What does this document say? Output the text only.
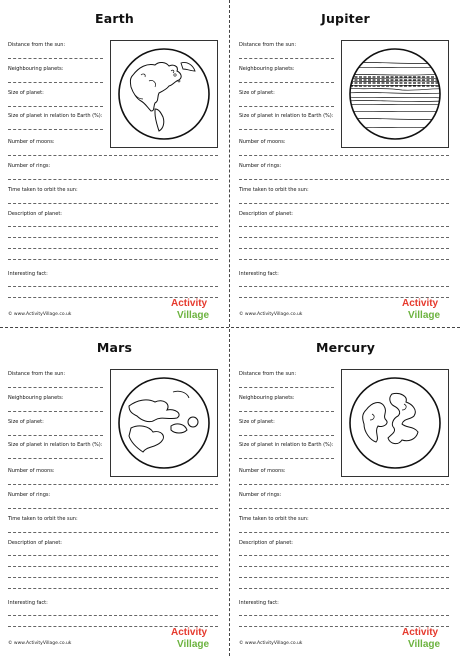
Earth
Distance from the sun:
Neighbouring planets:
Size of planet:
Size of planet in relation to Earth (%):
Number of moons:
Number of rings:
Time taken to orbit the sun:
Description of planet:
Interesting fact:
© www.ActivityVillage.co.uk
Activity
Village
Jupiter
Distance from the sun:
Neighbouring planets:
Size of planet:
Size of planet in relation to Earth (%):
Number of moons:
Number of rings:
Time taken to orbit the sun:
Description of planet:
Interesting fact:
© www.ActivityVillage.co.uk
Activity
Village
Mars
Distance from the sun:
Neighbouring planets:
Size of planet:
Size of planet in relation to Earth (%):
Number of moons:
Number of rings:
Time taken to orbit the sun:
Description of planet:
Interesting fact:
© www.ActivityVillage.co.uk
Activity
Village
Mercury
Distance from the sun:
Neighbouring planets:
Size of planet:
Size of planet in relation to Earth (%):
Number of moons:
Number of rings:
Time taken to orbit the sun:
Description of planet:
Interesting fact:
© www.ActivityVillage.co.uk
Activity
Village
